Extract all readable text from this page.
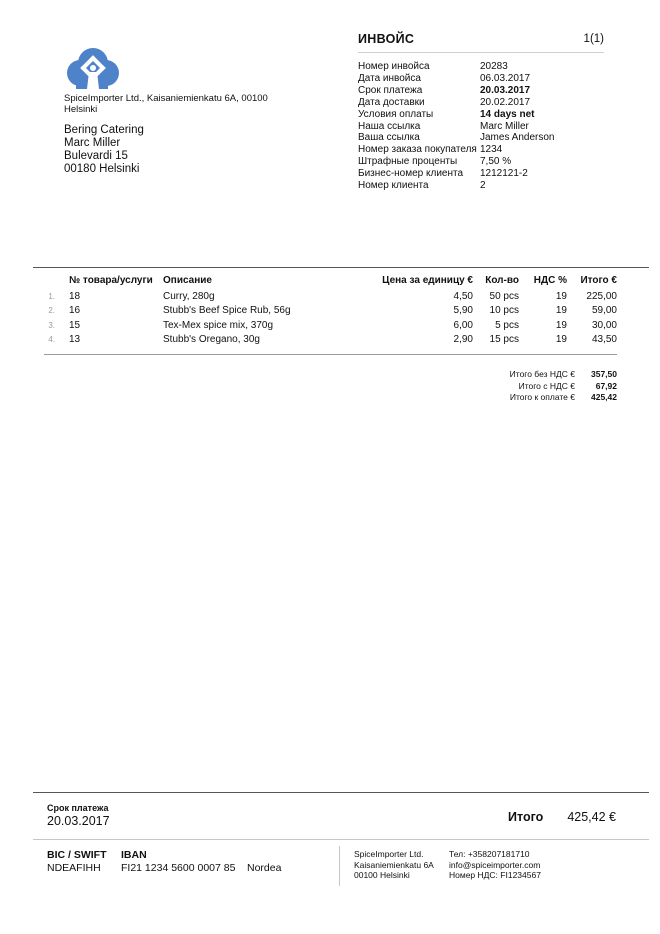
SpiceImporter Ltd., Kaisaniemienkatu 6A, 00100
Helsinki
Bering Catering
Marc Miller
Bulevardi 15
00180 Helsinki
ИНВОЙС	1(1)
Номер инвойса	20283
Дата инвойса	06.03.2017
Срок платежа	20.03.2017
Дата доставки	20.02.2017
Условия оплаты	14 days net
Наша ссылка	Marc Miller
Ваша ссылка	James Anderson
Номер заказа покупателя 1234
Штрафные проценты	7,50 %
Бизнес-номер клиента	1212121-2
Номер клиента	2
	№ товара/услуги	Описание	Цена за единицу €	Кол-во	НДС %	Итого €
1.	18	Curry, 280g	4,50	50 pcs	19	225,00
2.	16	Stubb's Beef Spice Rub, 56g	5,90	10 pcs	19	59,00
3.	15	Tex-Mex spice mix, 370g	6,00	5 pcs	19	30,00
4.	13	Stubb's Oregano, 30g	2,90	15 pcs	19	43,50
Итого без НДС €	357,50
Итого с НДС €	67,92
Итого к оплате €	425,42
Срок платежа
20.03.2017	Итого	425,42 €
BIC / SWIFT	IBAN
NDEAFIHH	FI21 1234 5600 0007 85	Nordea
SpiceImporter Ltd.
Kaisaniemienkatu 6A
00100 Helsinki
Тел: +358207181710
info@spiceimporter.com
Номер НДС: FI1234567
